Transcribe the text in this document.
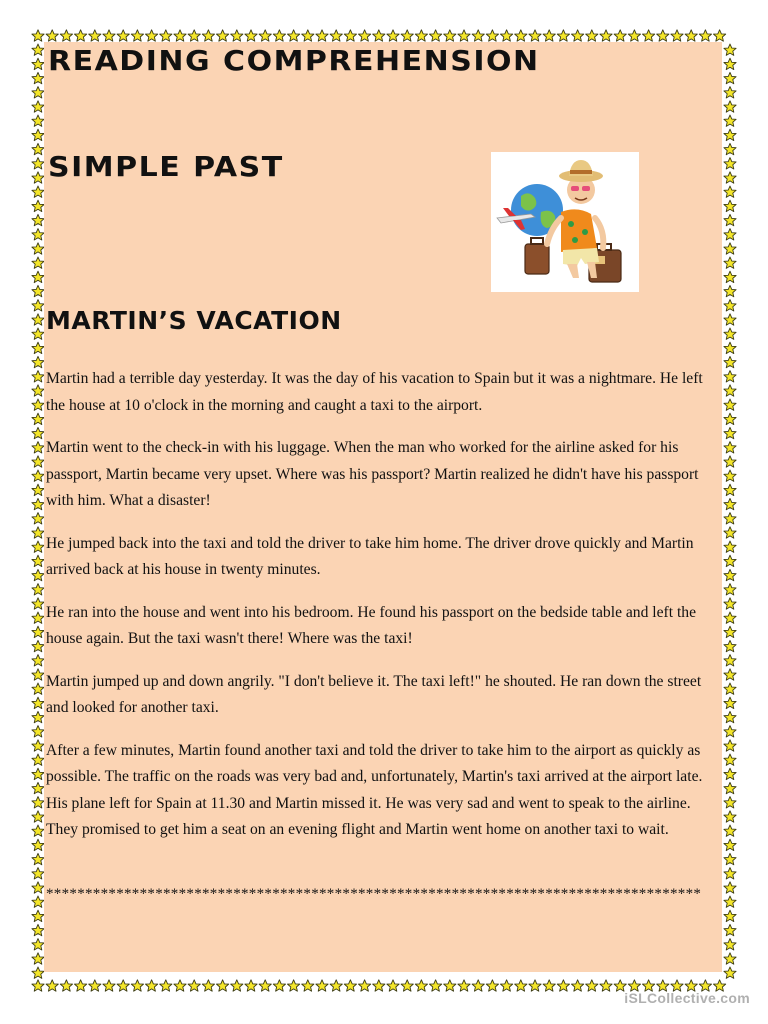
READING COMPREHENSION
SIMPLE PAST
MARTIN’S VACATION

Martin had a terrible day yesterday. It was the day of his vacation to Spain but it was a nightmare. He left the house at 10 o'clock in the morning and caught a taxi to the airport.

Martin went to the check-in with his luggage. When the man who worked for the airline asked for his passport, Martin became very upset. Where was his passport? Martin realized he didn't have his passport with him. What a disaster!

He jumped back into the taxi and told the driver to take him home. The driver drove quickly and Martin arrived back at his house in twenty minutes.

He ran into the house and went into his bedroom. He found his passport on the bedside table and left the house again. But the taxi wasn't there! Where was the taxi!

Martin jumped up and down angrily. "I don't believe it. The taxi left!" he shouted. He ran down the street and looked for another taxi.

After a few minutes, Martin found another taxi and told the driver to take him to the airport as quickly as possible. The traffic on the roads was very bad and, unfortunately, Martin's taxi arrived at the airport late. His plane left for Spain at 11.30 and Martin missed it. He was very sad and went to speak to the airline. They promised to get him a seat on an evening flight and Martin went home on another taxi to wait.

************************************************************************************
iSLCollective.com
